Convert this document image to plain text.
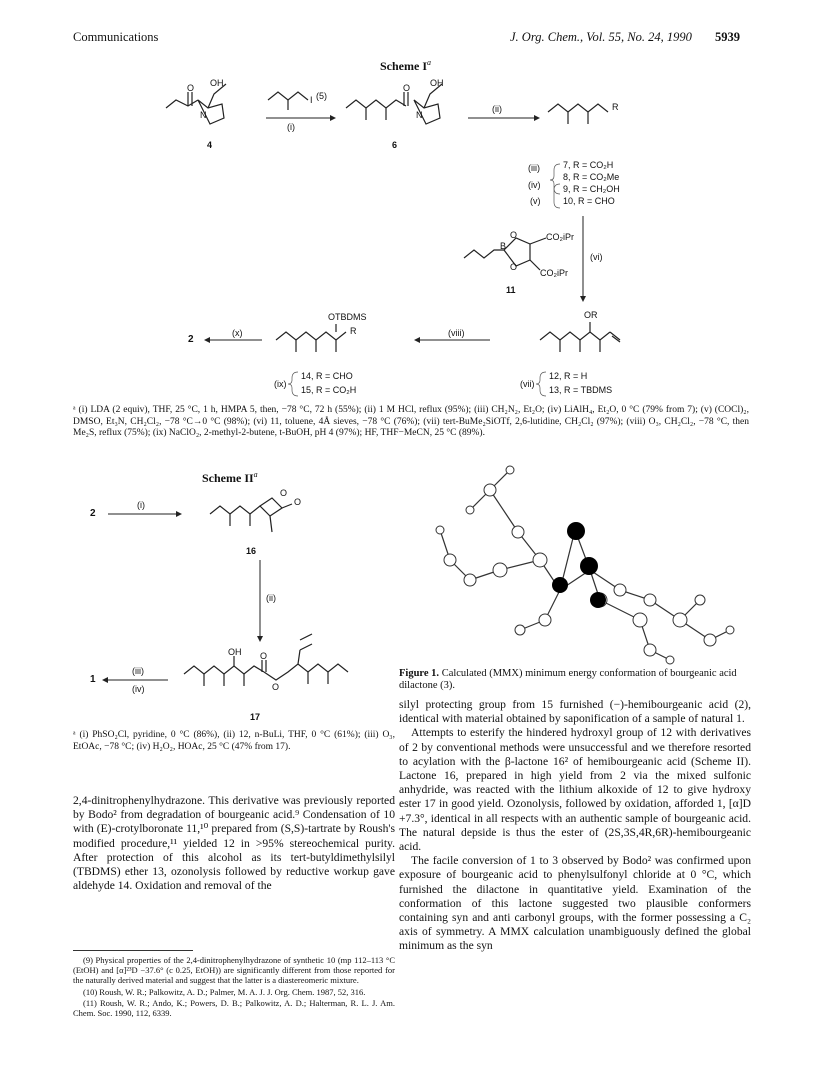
Communications	J. Org. Chem., Vol. 55, No. 24, 1990 5939
Scheme $I^a$
OH
O
N
4
I (5)
(i)
OH
O
N
6
(ii)	R
(iii)
(iv)
(v)
7, R = CO₂H
8, R = CO₂Me
9, R = CH₂OH
10, R = CHO
B
O
O
CO₂iPr
CO₂iPr
11
(vi)
OR
(viii)
OTBDMS
R
(x)
2
(ix)
14, R = CHO
15, R = CO₂H
(vii)
12, R = H
13, R = TBDMS
ᵃ (i) LDA (2 equiv), THF, 25 °C, 1 h, HMPA 5, then, −78 °C, 72 h (55%); (ii) 1 M HCl, reflux (95%); (iii) CH₂N₂, Et₂O; (iv) LiAlH₄, Et₂O, 0 °C (79% from 7); (v) (COCl)₂, DMSO, Et₃N, CH₂Cl₂, −78 °C→0 °C (98%); (vi) 11, toluene, 4Å sieves, −78 °C (76%); (vii) tert-BuMe₂SiOTf, 2,6-lutidine, CH₂Cl₂ (97%); (viii) O₃, CH₂Cl₂, −78 °C, then Me₂S, reflux (75%); (ix) NaClO₂, 2-methyl-2-butene, t-BuOH, pH 4 (97%); HF, THF−MeCN, 25 °C (89%).
Scheme $II^a$
2
(i)
O
O
16
(ii)
OH O
O
1
(iii)
(iv)
17
ᵃ (i) PhSO₂Cl, pyridine, 0 °C (86%), (ii) 12, n-BuLi, THF, 0 °C (61%); (iii) O₃, EtOAc, −78 °C; (iv) H₂O₂, HOAc, 25 °C (47% from 17).
Figure 1. Calculated (MMX) minimum energy conformation of bourgeanic acid dilactone (3).

silyl protecting group from 15 furnished (−)-hemibourgeanic acid (2), identical with material obtained by saponification of a sample of natural 1.

Attempts to esterify the hindered hydroxyl group of 12 with derivatives of 2 by conventional methods were unsuccessful and we therefore resorted to acylation with the β-lactone 16² of hemibourgeanic acid (Scheme II). Lactone 16, prepared in high yield from 2 via the mixed sulfonic anhydride, was reacted with the lithium alkoxide of 12 to give hydroxy ester 17 in good yield. Ozonolysis, followed by oxidation, afforded 1, [α]D +7.3°, identical in all respects with an authentic sample of bourgeanic acid. The natural depside is thus the ester of (2S,3S,4R,6R)-hemibourgeanic acid.

The facile conversion of 1 to 3 observed by Bodo² was confirmed upon exposure of bourgeanic acid to phenylsulfonyl chloride at 0 °C, which furnished the dilactone in quantitative yield. Examination of the conformation of this lactone suggested two plausible conformers containing syn and anti carbonyl groups, with the former possessing a C₂ axis of symmetry. A MMX calculation unambiguously defined the global minimum as the syn

2,4-dinitrophenylhydrazone. This derivative was previously reported by Bodo² from degradation of bourgeanic acid.⁹ Condensation of 10 with (E)-crotylboronate 11,¹⁰ prepared from (S,S)-tartrate by Roush's modified procedure,¹¹ yielded 12 in >95% stereochemical purity. After protection of this alcohol as its tert-butyldimethylsilyl (TBDMS) ether 13, ozonolysis followed by reductive workup gave aldehyde 14. Oxidation and removal of the

(9) Physical properties of the 2,4-dinitrophenylhydrazone of synthetic 10 (mp 112–113 °C (EtOH) and [α]²³D −37.6° (c 0.25, EtOH)) are significantly different from those reported for the naturally derived material and suggest that the latter is a diastereomeric mixture.

(10) Roush, W. R.; Palkowitz, A. D.; Palmer, M. A. J. J. Org. Chem. 1987, 52, 316.

(11) Roush, W. R.; Ando, K.; Powers, D. B.; Palkowitz, A. D.; Halterman, R. L. J. Am. Chem. Soc. 1990, 112, 6339.
